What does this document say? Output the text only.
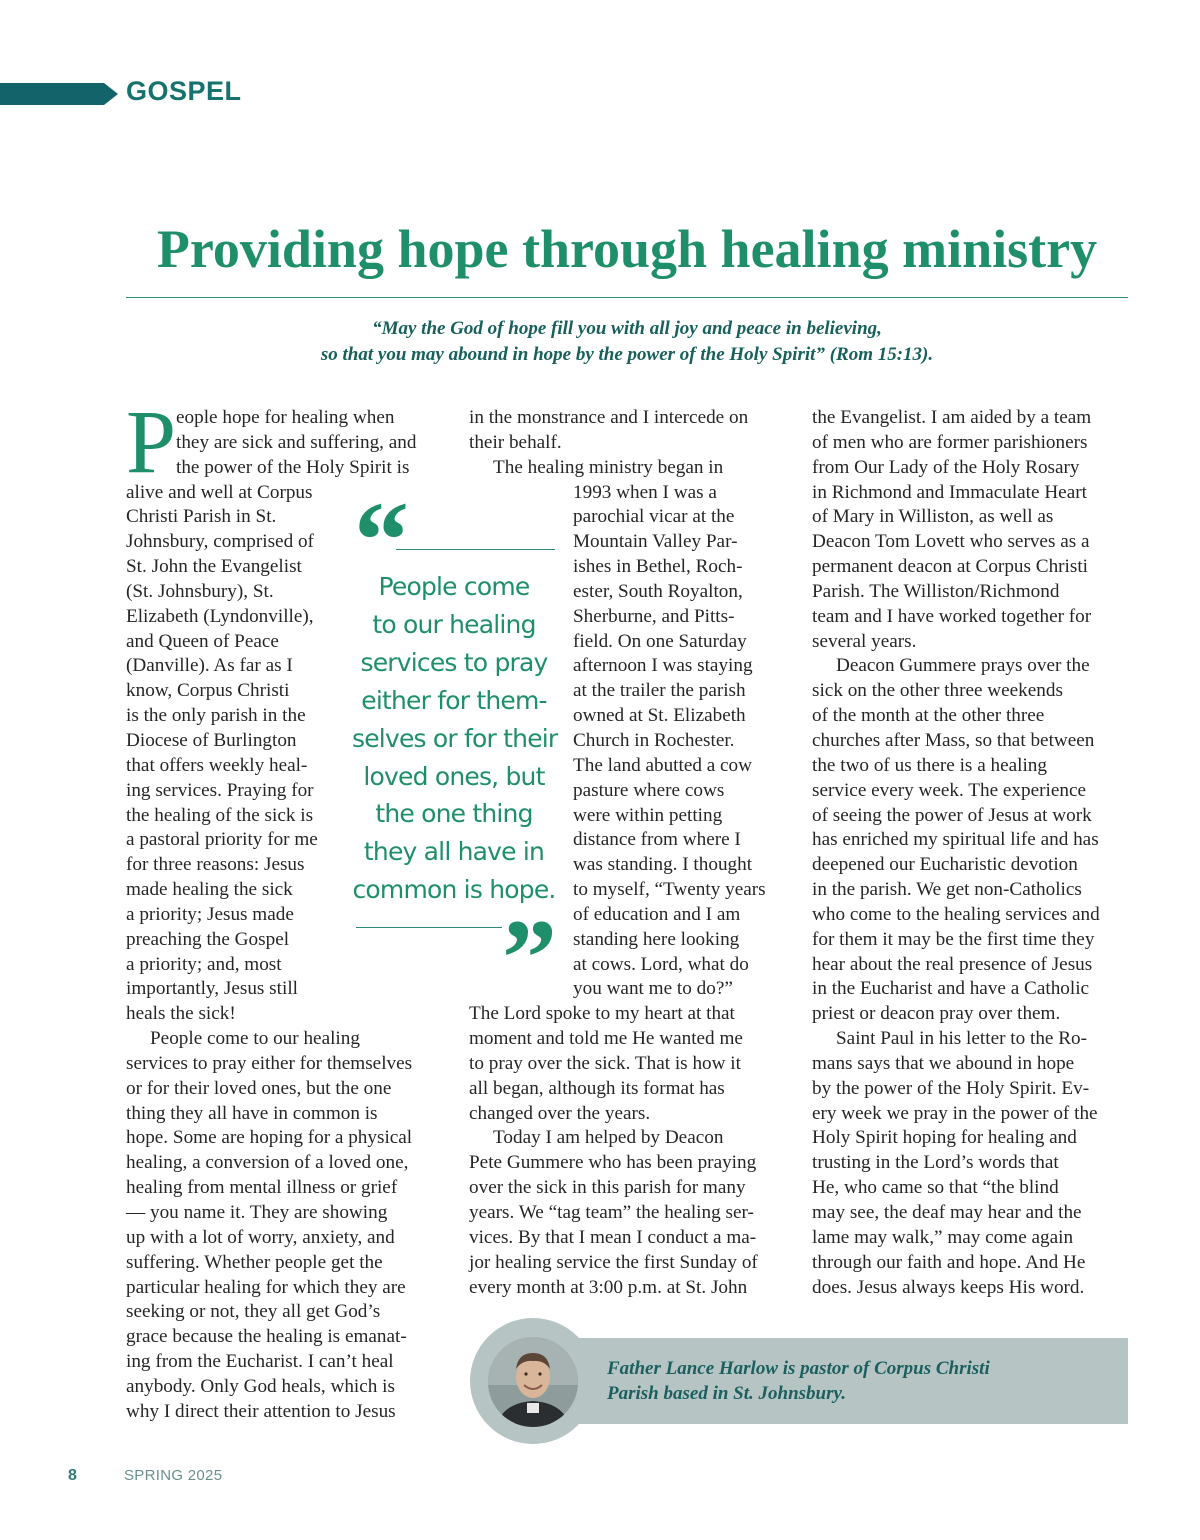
GOSPEL
Providing hope through healing ministry
“May the God of hope fill you with all joy and peace in believing,
so that you may abound in hope by the power of the Holy Spirit” (Rom 15:13).
P eople hope for healing when
they are sick and suffering, and
the power of the Holy Spirit is
alive and well at Corpus
Christi Parish in St.
Johnsbury, comprised of
St. John the Evangelist
(St. Johnsbury), St.
Elizabeth (Lyndonville),
and Queen of Peace
(Danville). As far as I
know, Corpus Christi
is the only parish in the
Diocese of Burlington
that offers weekly heal-
ing services. Praying for
the healing of the sick is
a pastoral priority for me
for three reasons: Jesus
made healing the sick
a priority; Jesus made
preaching the Gospel
a priority; and, most
importantly, Jesus still
heals the sick!
People come to our healing
services to pray either for themselves
or for their loved ones, but the one
thing they all have in common is
hope. Some are hoping for a physical
healing, a conversion of a loved one,
healing from mental illness or grief
— you name it. They are showing
up with a lot of worry, anxiety, and
suffering. Whether people get the
particular healing for which they are
seeking or not, they all get God’s
grace because the healing is emanat-
ing from the Eucharist. I can’t heal
anybody. Only God heals, which is
why I direct their attention to Jesus
in the monstrance and I intercede on
their behalf.
The healing ministry began in
1993 when I was a
parochial vicar at the
Mountain Valley Par-
ishes in Bethel, Roch-
ester, South Royalton,
Sherburne, and Pitts-
field. On one Saturday
afternoon I was staying
at the trailer the parish
owned at St. Elizabeth
Church in Rochester.
The land abutted a cow
pasture where cows
were within petting
distance from where I
was standing. I thought
to myself, “Twenty years
of education and I am
standing here looking
at cows. Lord, what do
you want me to do?”
The Lord spoke to my heart at that
moment and told me He wanted me
to pray over the sick. That is how it
all began, although its format has
changed over the years.
Today I am helped by Deacon
Pete Gummere who has been praying
over the sick in this parish for many
years. We “tag team” the healing ser-
vices. By that I mean I conduct a ma-
jor healing service the first Sunday of
every month at 3:00 p.m. at St. John
the Evangelist. I am aided by a team
of men who are former parishioners
from Our Lady of the Holy Rosary
in Richmond and Immaculate Heart
of Mary in Williston, as well as
Deacon Tom Lovett who serves as a
permanent deacon at Corpus Christi
Parish. The Williston/Richmond
team and I have worked together for
several years.
Deacon Gummere prays over the
sick on the other three weekends
of the month at the other three
churches after Mass, so that between
the two of us there is a healing
service every week. The experience
of seeing the power of Jesus at work
has enriched my spiritual life and has
deepened our Eucharistic devotion
in the parish. We get non-Catholics
who come to the healing services and
for them it may be the first time they
hear about the real presence of Jesus
in the Eucharist and have a Catholic
priest or deacon pray over them.
Saint Paul in his letter to the Ro-
mans says that we abound in hope
by the power of the Holy Spirit. Ev-
ery week we pray in the power of the
Holy Spirit hoping for healing and
trusting in the Lord’s words that
He, who came so that “the blind
may see, the deaf may hear and the
lame may walk,” may come again
through our faith and hope. And He
does. Jesus always keeps His word.
“
People come
to our healing
services to pray
either for them-
selves or for their
loved ones, but
the one thing
they all have in
common is hope.
”
Father Lance Harlow is pastor of Corpus Christi
Parish based in St. Johnsbury.
8	SPRING 2025
